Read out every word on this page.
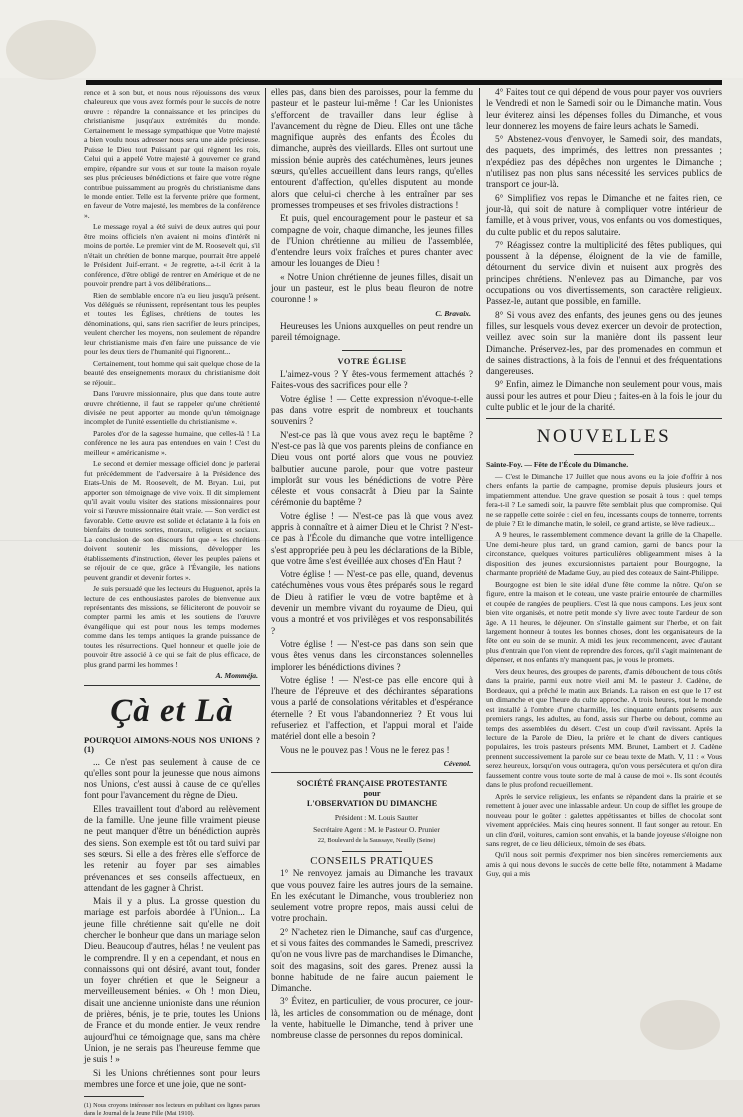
rence et à son but, et nous nous réjouissons des vœux chaleureux que vous avez formés pour le succès de notre œuvre : répandre la connaissance et les principes du christianisme jusqu'aux extrémités du monde. Certainement le message sympathique que Votre majesté a bien voulu nous adresser nous sera une aide précieuse. Puisse le Dieu tout Puissant par qui règnent les rois, Celui qui a appelé Votre majesté à gouverner ce grand empire, répandre sur vous et sur toute la maison royale ses plus précieuses bénédictions et faire que votre règne contribue puissamment au progrès du christianisme dans le monde entier. Telle est la fervente prière que forment, en faveur de Votre majesté, les membres de la conférence ».

Le message royal a été suivi de deux autres qui pour être moins officiels n'en avaient ni moins d'intérêt ni moins de portée. Le premier vint de M. Roosevelt qui, s'il n'était un chrétien de bonne marque, pourrait être appelé le Président Juif-errant. « Je regrette, a-t-il écrit à la conférence, d'être obligé de rentrer en Amérique et de ne pouvoir prendre part à vos délibérations...

Rien de semblable encore n'a eu lieu jusqu'à présent. Vos délégués se réunissent, représentant tous les peuples et toutes les Églises, chrétiens de toutes les dénominations, qui, sans rien sacrifier de leurs principes, veulent chercher les moyens, non seulement de répandre leur christianisme mais d'en faire une puissance de vie pour les deux tiers de l'humanité qui l'ignorent...

Certainement, tout homme qui sait quelque chose de la beauté des enseignements moraux du christianisme doit se réjouir..

Dans l'œuvre missionnaire, plus que dans toute autre œuvre chrétienne, il faut se rappeler qu'une chrétienté divisée ne peut apporter au monde qu'un témoignage incomplet de l'unité essentielle du christianisme ».

Paroles d'or de la sagesse humaine, que celles-là ! La conférence ne les aura pas entendues en vain ! C'est du meilleur « américanisme ».

Le second et dernier message officiel donc je parlerai fut précédemment de l'adversaire à la Présidence des Etats-Unis de M. Roosevelt, de M. Bryan. Lui, put apporter son témoignage de vive voix. Il dit simplement qu'il avait voulu visiter des stations missionnaires pour voir si l'œuvre missionnaire était vraie. — Son verdict est favorable. Cette œuvre est solide et éclatante à la fois en bienfaits de toutes sortes, moraux, religieux et sociaux. La conclusion de son discours fut que « les chrétiens doivent soutenir les missions, développer les établissements d'instruction, élever les peuples païens et se réjouir de ce que, grâce à l'Évangile, les nations peuvent grandir et devenir fortes ».

Je suis persuadé que les lecteurs du Huguenot, après la lecture de ces enthousiastes paroles de bienvenue aux représentants des missions, se féliciteront de pouvoir se compter parmi les amis et les soutiens de l'œuvre évangélique qui est pour nous les temps modernes comme dans les temps antiques la grande puissance de toutes les résurrections. Quel honneur et quelle joie de pouvoir être associé à ce qui se fait de plus efficace, de plus grand parmi les hommes !

A. Momméja.
Çà et Là
POURQUOI AIMONS-NOUS NOS UNIONS ? (1)

... Ce n'est pas seulement à cause de ce qu'elles sont pour la jeunesse que nous aimons nos Unions, c'est aussi à cause de ce qu'elles font pour l'avancement du règne de Dieu.

Elles travaillent tout d'abord au relèvement de la famille. Une jeune fille vraiment pieuse ne peut manquer d'être un bénédiction auprès des siens. Son exemple est tôt ou tard suivi par ses sœurs. Si elle a des frères elle s'efforce de les retenir au foyer par ses aimables prévenances et ses conseils affectueux, en attendant de les gagner à Christ.

Mais il y a plus. La grosse question du mariage est parfois abordée à l'Union... La jeune fille chrétienne sait qu'elle ne doit chercher le bonheur que dans un mariage selon Dieu. Beaucoup d'autres, hélas ! ne veulent pas le comprendre. Il y en a cependant, et nous en connaissons qui ont désiré, avant tout, fonder un foyer chrétien et que le Seigneur a merveilleusement bénies. « Oh ! mon Dieu, disait une ancienne unioniste dans une réunion de prières, bénis, je te prie, toutes les Unions de France et du monde entier. Je veux rendre aujourd'hui ce témoignage que, sans ma chère Union, je ne serais pas l'heureuse femme que je suis ! »

Si les Unions chrétiennes sont pour leurs membres une force et une joie, que ne sont-

(1) Nous croyons intéresser nos lecteurs en publiant ces lignes parues dans le Journal de la Jeune Fille (Mai 1910).

elles pas, dans bien des paroisses, pour la femme du pasteur et le pasteur lui-même ! Car les Unionistes s'efforcent de travailler dans leur église à l'avancement du règne de Dieu. Elles ont une tâche magnifique auprès des enfants des Écoles du dimanche, auprès des vieillards. Elles ont surtout une mission bénie auprès des catéchumènes, leurs jeunes sœurs, qu'elles accueillent dans leurs rangs, qu'elles entourent d'affection, qu'elles disputent au monde alors que celui-ci cherche à les entraîner par ses promesses trompeuses et ses frivoles distractions !

Et puis, quel encouragement pour le pasteur et sa compagne de voir, chaque dimanche, les jeunes filles de l'Union chrétienne au milieu de l'assemblée, d'entendre leurs voix fraîches et pures chanter avec amour les louanges de Dieu !

« Notre Union chrétienne de jeunes filles, disait un jour un pasteur, est le plus beau fleuron de notre couronne ! »

C. Bravaix.

Heureuses les Unions auxquelles on peut rendre un pareil témoignage.

VOTRE ÉGLISE

L'aimez-vous ? Y êtes-vous fermement attachés ? Faites-vous des sacrifices pour elle ?

Votre église ! — Cette expression n'évoque-t-elle pas dans votre esprit de nombreux et touchants souvenirs ?

N'est-ce pas là que vous avez reçu le baptême ? N'est-ce pas là que vos parents pleins de confiance en Dieu vous ont porté alors que vous ne pouviez balbutier aucune parole, pour que votre pasteur implorât sur vous les bénédictions de votre Père céleste et vous consacrât à Dieu par la Sainte cérémonie du baptême ?

Votre église ! — N'est-ce pas là que vous avez appris à connaître et à aimer Dieu et le Christ ? N'est-ce pas à l'École du dimanche que votre intelligence s'est appropriée peu à peu les déclarations de la Bible, que votre âme s'est éveillée aux choses d'En Haut ?

Votre église ! — N'est-ce pas elle, quand, devenus catéchumènes vous vous êtes préparés sous le regard de Dieu à ratifier le vœu de votre baptême et à devenir un membre vivant du royaume de Dieu, qui vous a montré et vos privilèges et vos responsabilités ?

Votre église ! — N'est-ce pas dans son sein que vous êtes venus dans les circonstances solennelles implorer les bénédictions divines ?

Votre église ! — N'est-ce pas elle encore qui à l'heure de l'épreuve et des déchirantes séparations vous a parlé de consolations véritables et d'espérance éternelle ? Et vous l'abandonneriez ? Et vous lui refuseriez et l'affection, et l'appui moral et l'aide matériel dont elle a besoin ?

Vous ne le pouvez pas ! Vous ne le ferez pas !

Cévenol.
SOCIÉTÉ FRANÇAISE PROTESTANTE
pour
L'OBSERVATION DU DIMANCHE

Président : M. Louis Sautter

Secrétaire Agent : M. le Pasteur O. Prunier

22, Boulevard de la Saussaye, Neuilly (Seine)

CONSEILS PRATIQUES

1° Ne renvoyez jamais au Dimanche les travaux que vous pouvez faire les autres jours de la semaine. En les exécutant le Dimanche, vous troubleriez non seulement votre propre repos, mais aussi celui de votre prochain.

2° N'achetez rien le Dimanche, sauf cas d'urgence, et si vous faites des commandes le Samedi, prescrivez qu'on ne vous livre pas de marchandises le Dimanche, soit des magasins, soit des gares. Prenez aussi la bonne habitude de ne faire aucun paiement le Dimanche.

3° Évitez, en particulier, de vous procurer, ce jour-là, les articles de consommation ou de ménage, dont la vente, habituelle le Dimanche, tend à priver une nombreuse classe de personnes du repos dominical.

4° Faites tout ce qui dépend de vous pour payer vos ouvriers le Vendredi et non le Samedi soir ou le Dimanche matin. Vous leur éviterez ainsi les dépenses folles du Dimanche, et vous leur donnerez les moyens de faire leurs achats le Samedi.

5° Abstenez-vous d'envoyer, le Samedi soir, des mandats, des paquets, des imprimés, des lettres non pressantes ; n'expédiez pas des dépêches non urgentes le Dimanche ; n'utilisez pas non plus sans nécessité les services publics de transport ce jour-là.

6° Simplifiez vos repas le Dimanche et ne faites rien, ce jour-là, qui soit de nature à compliquer votre intérieur de famille, et à vous priver, vous, vos enfants ou vos domestiques, du culte public et du repos salutaire.

7° Réagissez contre la multiplicité des fêtes publiques, qui poussent à la dépense, éloignent de la vie de famille, détournent du service divin et nuisent aux progrès des principes chrétiens. N'enlevez pas au Dimanche, par vos occupations ou vos divertissements, son caractère religieux. Passez-le, autant que possible, en famille.

8° Si vous avez des enfants, des jeunes gens ou des jeunes filles, sur lesquels vous devez exercer un devoir de protection, veillez avec soin sur la manière dont ils passent leur Dimanche. Préservez-les, par des promenades en commun et de saines distractions, à la fois de l'ennui et des fréquentations dangereuses.

9° Enfin, aimez le Dimanche non seulement pour vous, mais aussi pour les autres et pour Dieu ; faites-en à la fois le jour du culte public et le jour de la charité.

NOUVELLES

Sainte-Foy. — Fête de l'École du Dimanche.

— C'est le Dimanche 17 Juillet que nous avons eu la joie d'offrir à nos chers enfants la partie de campagne, promise depuis plusieurs jours et impatiemment attendue. Une grave question se posait à tous : quel temps fera-t-il ? Le samedi soir, la pauvre fête semblait plus que compromise. Qui ne se rappelle cette soirée : ciel en feu, incessants coups de tonnerre, torrents de pluie ? Et le dimanche matin, le soleil, ce grand artiste, se lève radieux...

A 9 heures, le rassemblement commence devant la grille de la Chapelle. Une demi-heure plus tard, un grand camion, garni de bancs pour la circonstance, quelques voitures particulières obligeamment mises à la disposition des jeunes excursionnistes partaient pour Bourgogne, la charmante propriété de Madame Guy, au pied des coteaux de Saint-Philippe.

Bourgogne est bien le site idéal d'une fête comme la nôtre. Qu'on se figure, entre la maison et le coteau, une vaste prairie entourée de charmilles et coupée de rangées de peupliers. C'est là que nous campons. Les jeux sont bien vite organisés, et notre petit monde s'y livre avec toute l'ardeur de son âge. A 11 heures, le déjeuner. On s'installe gaiment sur l'herbe, et on fait largement honneur à toutes les bonnes choses, dont les organisateurs de la fête ont eu soin de se munir. A midi les jeux recommencent, avec d'autant plus d'entrain que l'on vient de reprendre des forces, qu'il s'agit maintenant de dépenser, et nos enfants n'y manquent pas, je vous le promets.

Vers deux heures, des groupes de parents, d'amis débouchent de tous côtés dans la prairie, parmi eux notre vieil ami M. le pasteur J. Cadène, de Bordeaux, qui a prêché le matin aux Briands. La raison en est que le 17 est un dimanche et que l'heure du culte approche. A trois heures, tout le monde est installé à l'ombre d'une charmille, les cinquante enfants présents aux premiers rangs, les adultes, au fond, assis sur l'herbe ou debout, comme au temps des assemblées du désert. C'est un coup d'œil ravissant. Après la lecture de la Parole de Dieu, la prière et le chant de divers cantiques populaires, les trois pasteurs présents MM. Brunet, Lambert et J. Cadène prennent successivement la parole sur ce beau texte de Math. V, 11 : « Vous serez heureux, lorsqu'on vous outragera, qu'on vous persécutera et qu'on dira faussement contre vous toute sorte de mal à cause de moi ». Ils sont écoutés dans le plus profond recueillement.

Après le service religieux, les enfants se répandent dans la prairie et se remettent à jouer avec une inlassable ardeur. Un coup de sifflet les groupe de nouveau pour le goûter : galettes appétissantes et billes de chocolat sont vivement appréciées. Mais cinq heures sonnent. Il faut songer au retour. En un clin d'œil, voitures, camion sont envahis, et la bande joyeuse s'éloigne non sans regret, de ce lieu délicieux, témoin de ses ébats.

Qu'il nous soit permis d'exprimer nos bien sincères remerciements aux amis à qui nous devons le succès de cette belle fête, notamment à Madame Guy, qui a mis
